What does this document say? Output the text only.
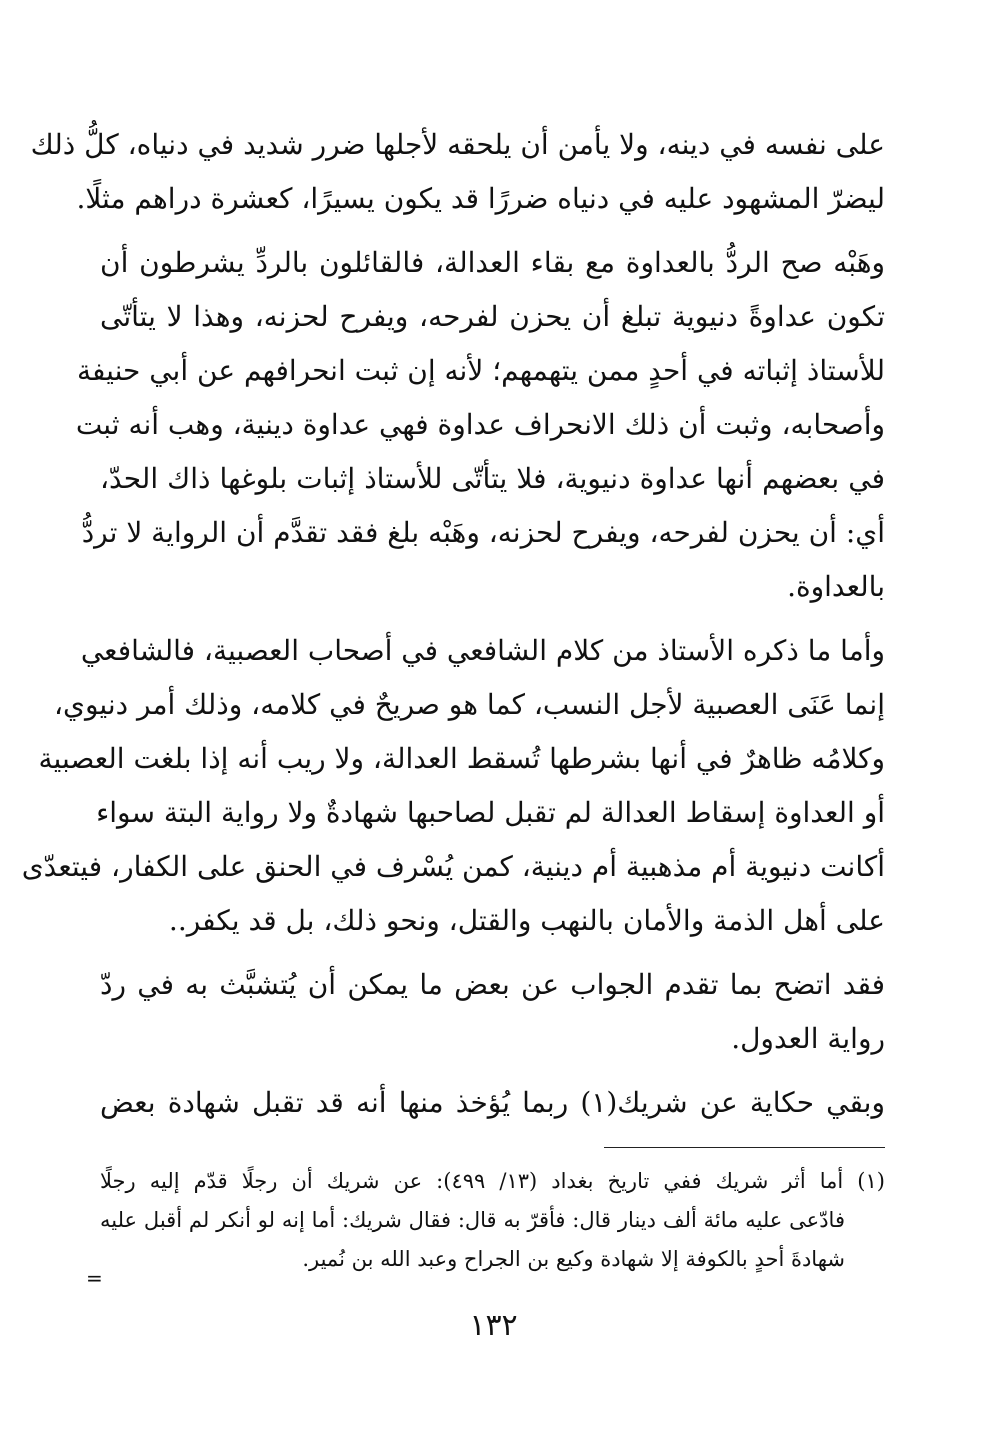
على نفسه في دينه، ولا يأمن أن يلحقه لأجلها ضرر شديد في دنياه، كلُّ ذلك
ليضرّ المشهود عليه في دنياه ضررًا قد يكون يسيرًا، كعشرة دراهم مثلًا.
وهَبْه صح الردُّ بالعداوة مع بقاء العدالة، فالقائلون بالردِّ يشرطون أن
تكون عداوةً دنيوية تبلغ أن يحزن لفرحه، ويفرح لحزنه، وهذا لا يتأتّى
للأستاذ إثباته في أحدٍ ممن يتهمهم؛ لأنه إن ثبت انحرافهم عن أبي حنيفة
وأصحابه، وثبت أن ذلك الانحراف عداوة فهي عداوة دينية، وهب أنه ثبت
في بعضهم أنها عداوة دنيوية، فلا يتأتّى للأستاذ إثبات بلوغها ذاك الحدّ،
أي: أن يحزن لفرحه، ويفرح لحزنه، وهَبْه بلغ فقد تقدَّم أن الرواية لا تردُّ
بالعداوة.
وأما ما ذكره الأستاذ من كلام الشافعي في أصحاب العصبية، فالشافعي
إنما عَنَى العصبية لأجل النسب، كما هو صريحٌ في كلامه، وذلك أمر دنيوي،
وكلامُه ظاهرٌ في أنها بشرطها تُسقط العدالة، ولا ريب أنه إذا بلغت العصبية
أو العداوة إسقاط العدالة لم تقبل لصاحبها شهادةٌ ولا رواية البتة سواء
أكانت دنيوية أم مذهبية أم دينية، كمن يُسْرف في الحنق على الكفار، فيتعدّى
على أهل الذمة والأمان بالنهب والقتل، ونحو ذلك، بل قد يكفر..
فقد اتضح بما تقدم الجواب عن بعض ما يمكن أن يُتشبَّث به في ردّ
رواية العدول.
وبقي حكاية عن شريك(١) ربما يُؤخذ منها أنه قد تقبل شهادة بعض
(١) أما أثر شريك ففي تاريخ بغداد (١٣/ ٤٩٩): عن شريك أن رجلًا قدّم إليه رجلًا
فادّعى عليه مائة ألف دينار قال: فأقرّ به قال: فقال شريك: أما إنه لو أنكر لم أقبل عليه
شهادةَ أحدٍ بالكوفة إلا شهادة وكيع بن الجراح وعبد الله بن نُمير.
=
١٣٢
